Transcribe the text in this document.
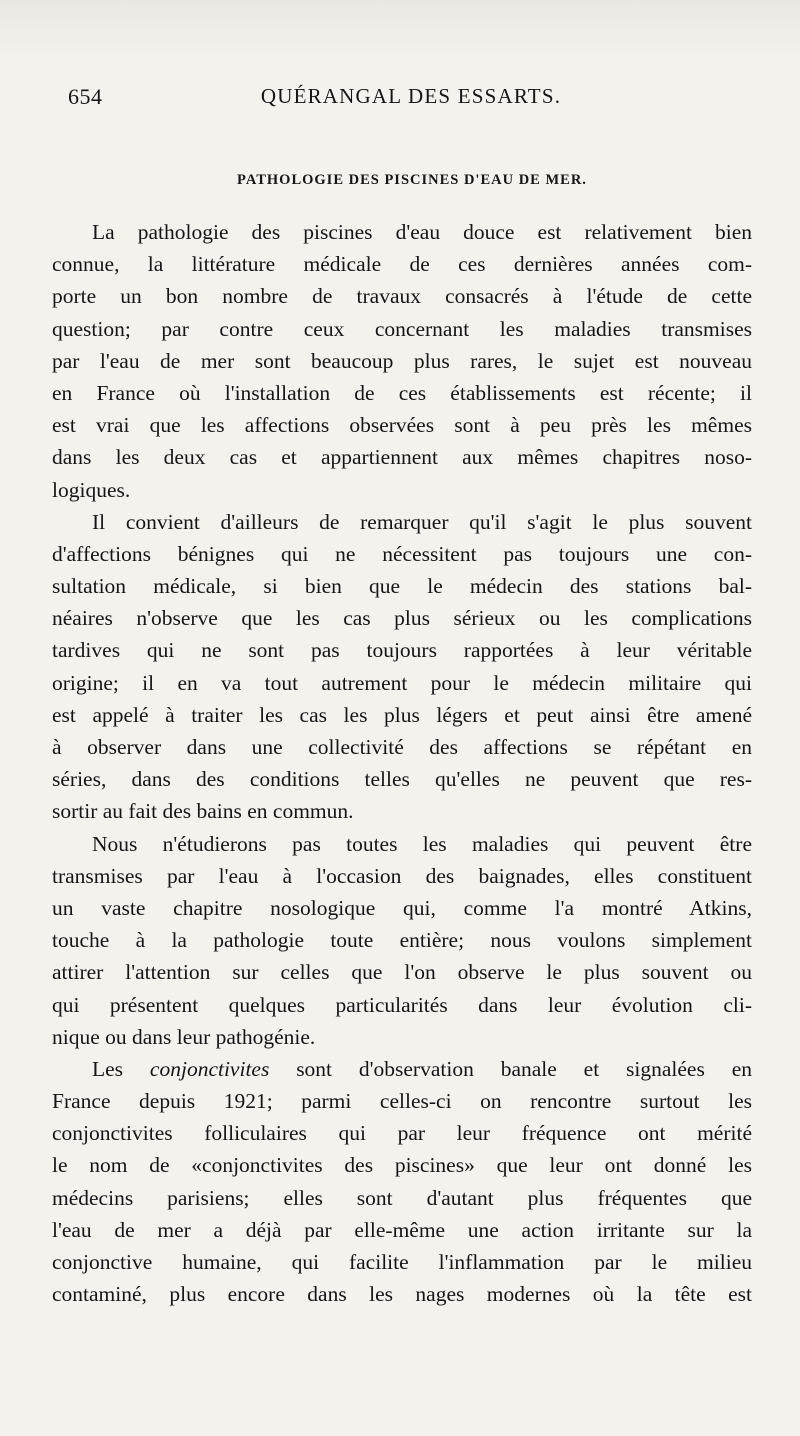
654	QUÉRANGAL DES ESSARTS.
PATHOLOGIE DES PISCINES D'EAU DE MER.
La pathologie des piscines d'eau douce est relativement bien
connue, la littérature médicale de ces dernières années com-
porte un bon nombre de travaux consacrés à l'étude de cette
question; par contre ceux concernant les maladies transmises
par l'eau de mer sont beaucoup plus rares, le sujet est nouveau
en France où l'installation de ces établissements est récente; il
est vrai que les affections observées sont à peu près les mêmes
dans les deux cas et appartiennent aux mêmes chapitres noso-
logiques.
Il convient d'ailleurs de remarquer qu'il s'agit le plus souvent
d'affections bénignes qui ne nécessitent pas toujours une con-
sultation médicale, si bien que le médecin des stations bal-
néaires n'observe que les cas plus sérieux ou les complications
tardives qui ne sont pas toujours rapportées à leur véritable
origine; il en va tout autrement pour le médecin militaire qui
est appelé à traiter les cas les plus légers et peut ainsi être amené
à observer dans une collectivité des affections se répétant en
séries, dans des conditions telles qu'elles ne peuvent que res-
sortir au fait des bains en commun.
Nous n'étudierons pas toutes les maladies qui peuvent être
transmises par l'eau à l'occasion des baignades, elles constituent
un vaste chapitre nosologique qui, comme l'a montré Atkins,
touche à la pathologie toute entière; nous voulons simplement
attirer l'attention sur celles que l'on observe le plus souvent ou
qui présentent quelques particularités dans leur évolution cli-
nique ou dans leur pathogénie.
Les conjonctivites sont d'observation banale et signalées en
France depuis 1921; parmi celles-ci on rencontre surtout les
conjonctivites folliculaires qui par leur fréquence ont mérité
le nom de «conjonctivites des piscines» que leur ont donné les
médecins parisiens; elles sont d'autant plus fréquentes que
l'eau de mer a déjà par elle-même une action irritante sur la
conjonctive humaine, qui facilite l'inflammation par le milieu
contaminé, plus encore dans les nages modernes où la tête est
